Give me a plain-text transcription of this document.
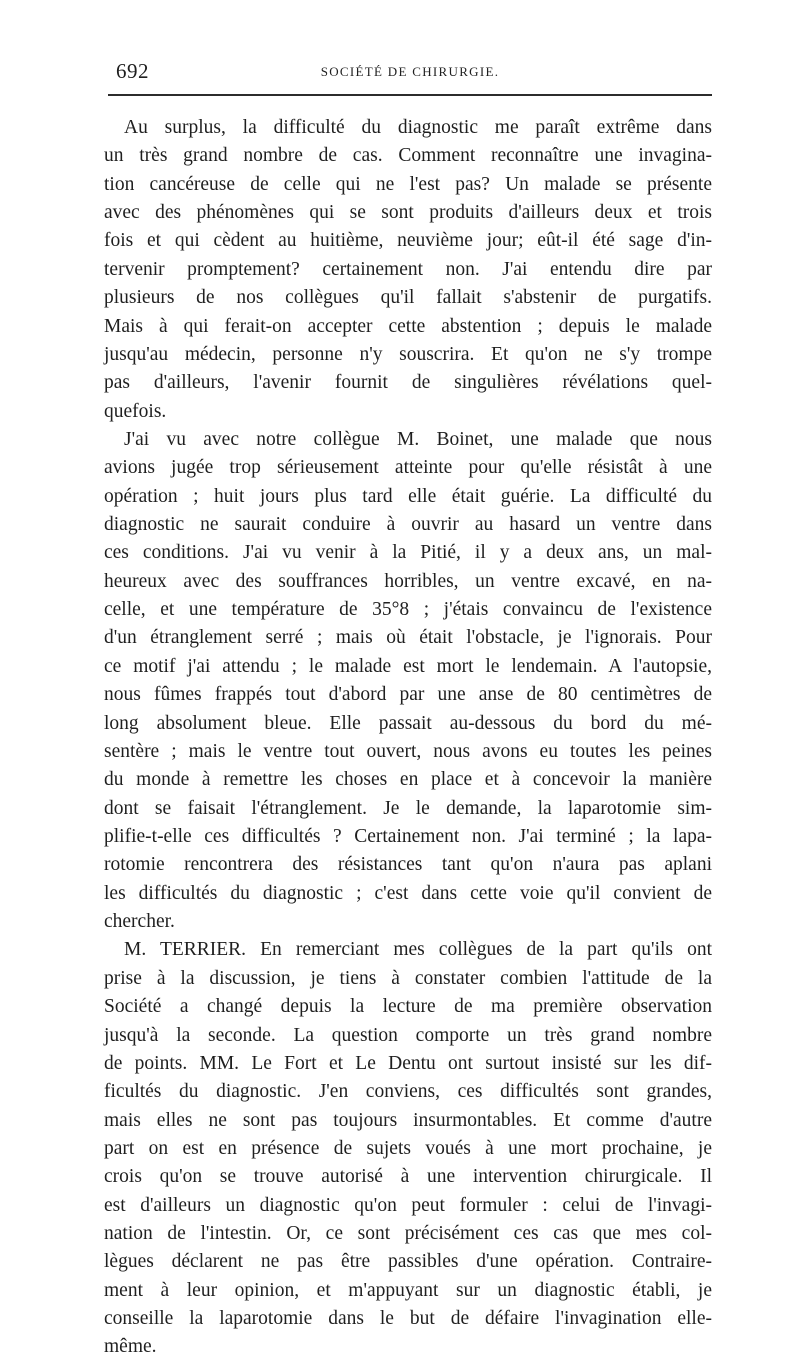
692	SOCIÉTÉ DE CHIRURGIE.
Au surplus, la difficulté du diagnostic me paraît extrême dans
un très grand nombre de cas. Comment reconnaître une invagina-
tion cancéreuse de celle qui ne l'est pas? Un malade se présente
avec des phénomènes qui se sont produits d'ailleurs deux et trois
fois et qui cèdent au huitième, neuvième jour; eût-il été sage d'in-
tervenir promptement? certainement non. J'ai entendu dire par
plusieurs de nos collègues qu'il fallait s'abstenir de purgatifs.
Mais à qui ferait-on accepter cette abstention ; depuis le malade
jusqu'au médecin, personne n'y souscrira. Et qu'on ne s'y trompe
pas d'ailleurs, l'avenir fournit de singulières révélations quel-
quefois.
J'ai vu avec notre collègue M. Boinet, une malade que nous
avions jugée trop sérieusement atteinte pour qu'elle résistât à une
opération ; huit jours plus tard elle était guérie. La difficulté du
diagnostic ne saurait conduire à ouvrir au hasard un ventre dans
ces conditions. J'ai vu venir à la Pitié, il y a deux ans, un mal-
heureux avec des souffrances horribles, un ventre excavé, en na-
celle, et une température de 35°8 ; j'étais convaincu de l'existence
d'un étranglement serré ; mais où était l'obstacle, je l'ignorais. Pour
ce motif j'ai attendu ; le malade est mort le lendemain. A l'autopsie,
nous fûmes frappés tout d'abord par une anse de 80 centimètres de
long absolument bleue. Elle passait au-dessous du bord du mé-
sentère ; mais le ventre tout ouvert, nous avons eu toutes les peines
du monde à remettre les choses en place et à concevoir la manière
dont se faisait l'étranglement. Je le demande, la laparotomie sim-
plifie-t-elle ces difficultés ? Certainement non. J'ai terminé ; la lapa-
rotomie rencontrera des résistances tant qu'on n'aura pas aplani
les difficultés du diagnostic ; c'est dans cette voie qu'il convient de
chercher.
M. TERRIER. En remerciant mes collègues de la part qu'ils ont
prise à la discussion, je tiens à constater combien l'attitude de la
Société a changé depuis la lecture de ma première observation
jusqu'à la seconde. La question comporte un très grand nombre
de points. MM. Le Fort et Le Dentu ont surtout insisté sur les dif-
ficultés du diagnostic. J'en conviens, ces difficultés sont grandes,
mais elles ne sont pas toujours insurmontables. Et comme d'autre
part on est en présence de sujets voués à une mort prochaine, je
crois qu'on se trouve autorisé à une intervention chirurgicale. Il
est d'ailleurs un diagnostic qu'on peut formuler : celui de l'invagi-
nation de l'intestin. Or, ce sont précisément ces cas que mes col-
lègues déclarent ne pas être passibles d'une opération. Contraire-
ment à leur opinion, et m'appuyant sur un diagnostic établi, je
conseille la laparotomie dans le but de défaire l'invagination elle-
même.
